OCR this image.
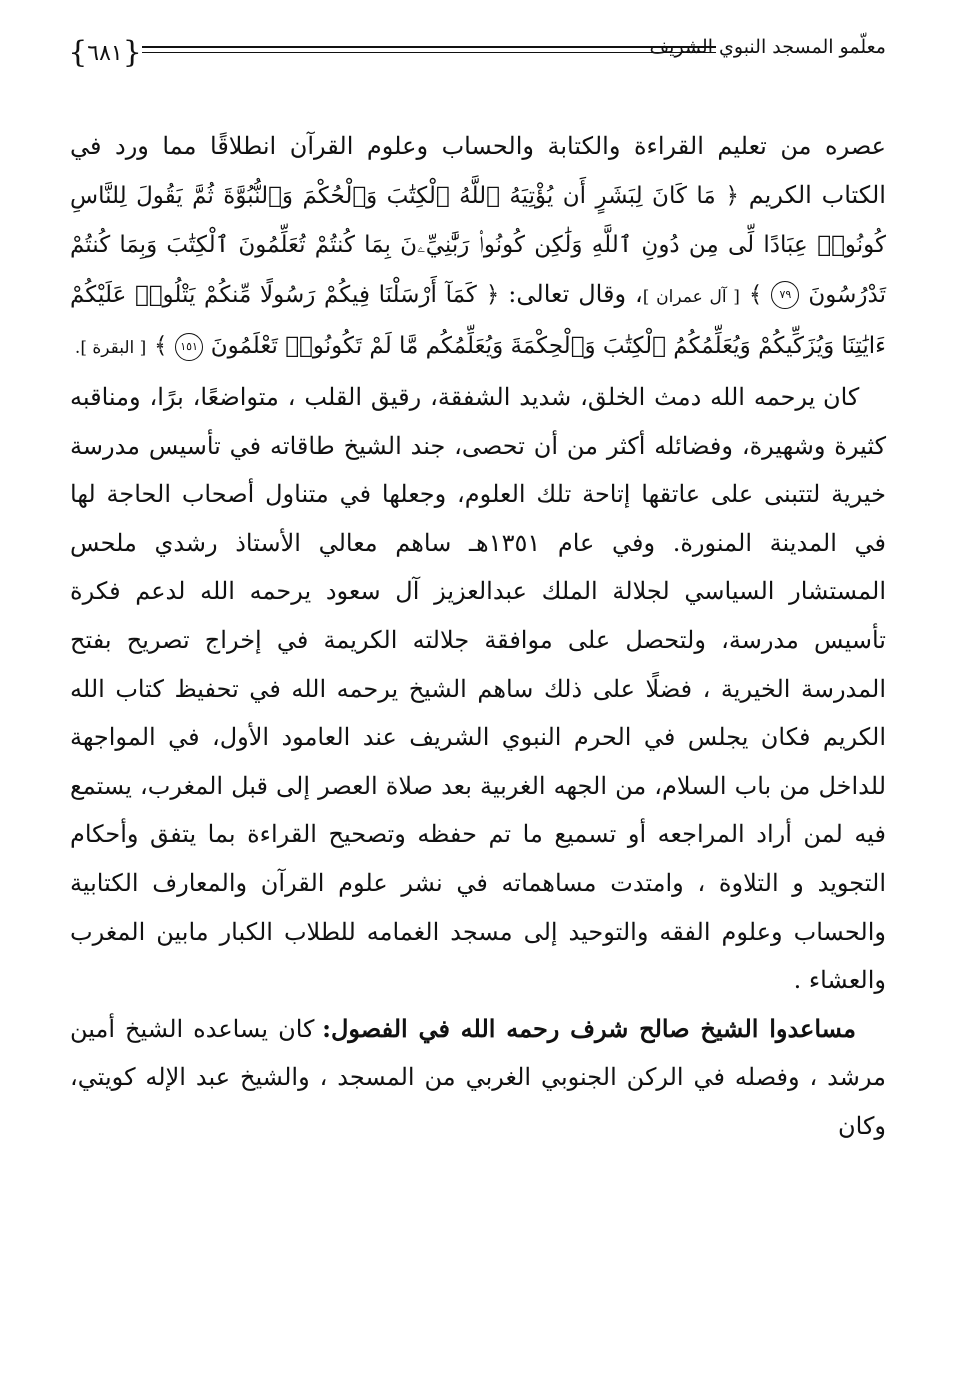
{ ٦٨١ }	معلّمو المسجد النبوي الشريف

عصره من تعليم القراءة والكتابة والحساب وعلوم القرآن انطلاقًا مما ورد في الكتاب الكريم ﴿ مَا كَانَ لِبَشَرٍ أَن يُؤْتِيَهُ ٱللَّهُ ٱلْكِتَٰبَ وَٱلْحُكْمَ وَٱلنُّبُوَّةَ ثُمَّ يَقُولَ لِلنَّاسِ كُونُوا۟ عِبَادًا لِّى مِن دُونِ ٱللَّهِ وَلَٰكِن كُونُوا۟ رَبَّٰنِيِّۦنَ بِمَا كُنتُمْ تُعَلِّمُونَ ٱلْكِتَٰبَ وَبِمَا كُنتُمْ تَدْرُسُونَ ٧٩ ﴾ [ آل عمران ]، وقال تعالى: ﴿ كَمَآ أَرْسَلْنَا فِيكُمْ رَسُولًا مِّنكُمْ يَتْلُوا۟ عَلَيْكُمْ ءَايَٰتِنَا وَيُزَكِّيكُمْ وَيُعَلِّمُكُمُ ٱلْكِتَٰبَ وَٱلْحِكْمَةَ وَيُعَلِّمُكُم مَّا لَمْ تَكُونُوا۟ تَعْلَمُونَ ١٥١ ﴾ [ البقرة ].

كان يرحمه الله دمث الخلق، شديد الشفقة، رقيق القلب ، متواضعًا، برًا، ومناقبه كثيرة وشهيرة، وفضائله أكثر من أن تحصى، جند الشيخ طاقاته في تأسيس مدرسة خيرية لتتبنى على عاتقها إتاحة تلك العلوم، وجعلها في متناول أصحاب الحاجة لها في المدينة المنورة. وفي عام ١٣٥١هـ ساهم معالي الأستاذ رشدي ملحس المستشار السياسي لجلالة الملك عبدالعزيز آل سعود يرحمه الله لدعم فكرة تأسيس مدرسة، ولتحصل على موافقة جلالته الكريمة في إخراج تصريح بفتح المدرسة الخيرية ، فضلًا على ذلك ساهم الشيخ يرحمه الله في تحفيظ كتاب الله الكريم فكان يجلس في الحرم النبوي الشريف عند العامود الأول، في المواجهة للداخل من باب السلام، من الجهه الغربية بعد صلاة العصر إلى قبل المغرب، يستمع فيه لمن أراد المراجعه أو تسميع ما تم حفظه وتصحيح القراءة بما يتفق وأحكام التجويد و التلاوة ، وامتدت مساهماته في نشر علوم القرآن والمعارف الكتابية والحساب وعلوم الفقه والتوحيد إلى مسجد الغمامه للطلاب الكبار مابين المغرب والعشاء .

مساعدوا الشيخ صالح شرف رحمه الله في الفصول: كان يساعده الشيخ أمين مرشد ، وفصله في الركن الجنوبي الغربي من المسجد ، والشيخ عبد الإله كويتي، وكان
